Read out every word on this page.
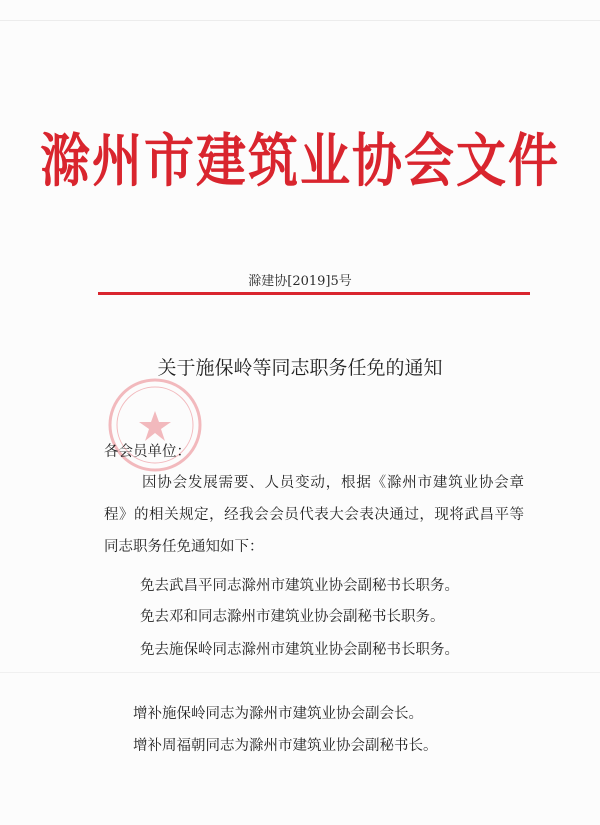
滁州市建筑业协会文件
滁建协[2019]5号
关于施保岭等同志职务任免的通知
各会员单位：
因协会发展需要、人员变动，根据《滁州市建筑业协会章程》的相关规定，经我会会员代表大会表决通过，现将武昌平等同志职务任免通知如下：
免去武昌平同志滁州市建筑业协会副秘书长职务。
免去邓和同志滁州市建筑业协会副秘书长职务。
免去施保岭同志滁州市建筑业协会副秘书长职务。
增补施保岭同志为滁州市建筑业协会副会长。
增补周福朝同志为滁州市建筑业协会副秘书长。
